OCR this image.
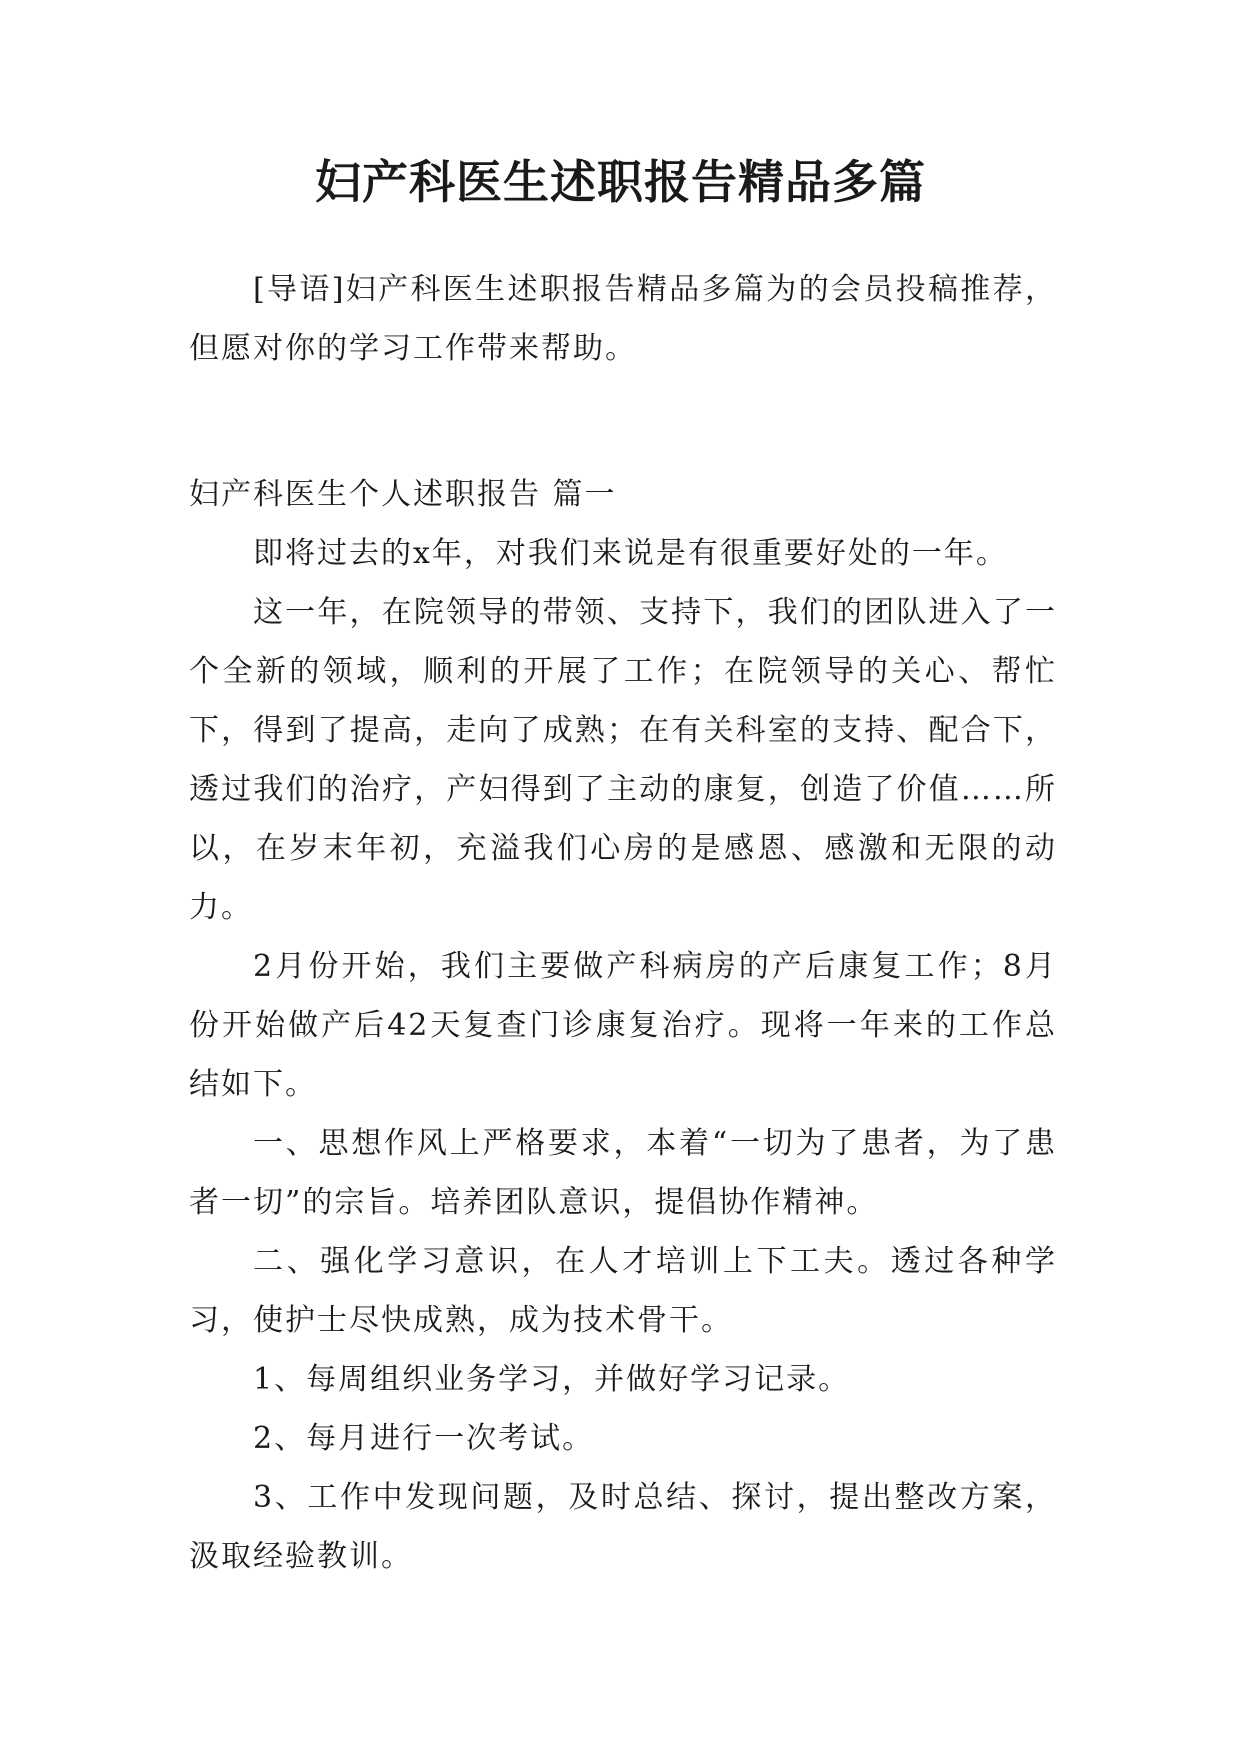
妇产科医生述职报告精品多篇

[导语]妇产科医生述职报告精品多篇为的会员投稿推荐，但愿对你的学习工作带来帮助。

妇产科医生个人述职报告 篇一

即将过去的x年，对我们来说是有很重要好处的一年。

这一年，在院领导的带领、支持下，我们的团队进入了一个全新的领域，顺利的开展了工作；在院领导的关心、帮忙下，得到了提高，走向了成熟；在有关科室的支持、配合下，透过我们的治疗，产妇得到了主动的康复，创造了价值……所以，在岁末年初，充溢我们心房的是感恩、感激和无限的动力。

2月份开始，我们主要做产科病房的产后康复工作；8月份开始做产后42天复查门诊康复治疗。现将一年来的工作总结如下。

一、思想作风上严格要求，本着“一切为了患者，为了患者一切”的宗旨。培养团队意识，提倡协作精神。

二、强化学习意识，在人才培训上下工夫。透过各种学习，使护士尽快成熟，成为技术骨干。

1、每周组织业务学习，并做好学习记录。

2、每月进行一次考试。

3、工作中发现问题，及时总结、探讨，提出整改方案，汲取经验教训。
